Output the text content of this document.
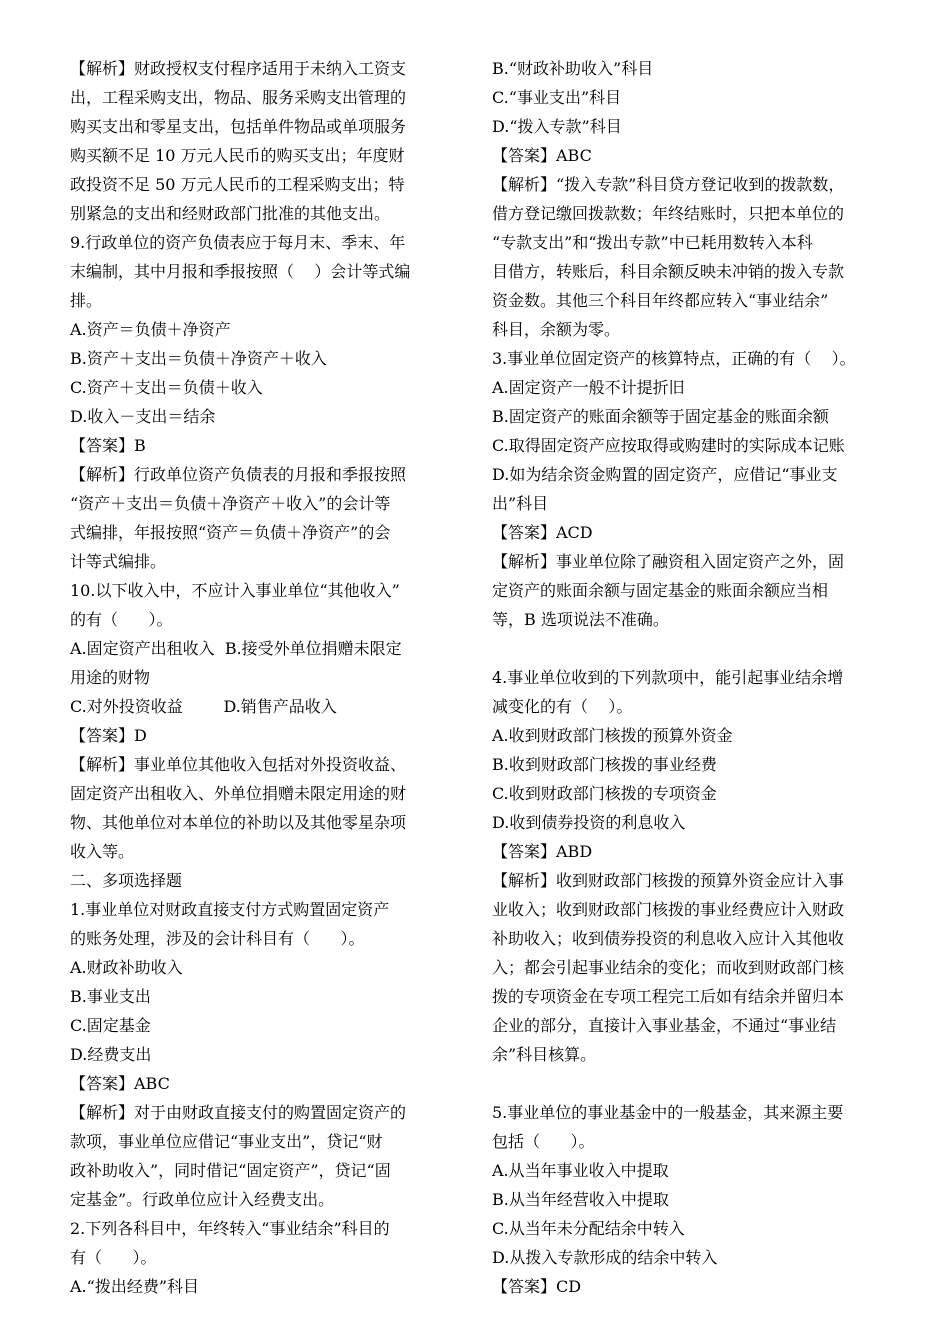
【解析】财政授权支付程序适用于未纳入工资支
出，工程采购支出，物品、服务采购支出管理的
购买支出和零星支出，包括单件物品或单项服务
购买额不足 10 万元人民币的购买支出；年度财
政投资不足 50 万元人民币的工程采购支出；特
别紧急的支出和经财政部门批准的其他支出。
9.行政单位的资产负债表应于每月末、季末、年
末编制，其中月报和季报按照（    ）会计等式编
排。
A.资产＝负债＋净资产
B.资产＋支出＝负债＋净资产＋收入
C.资产＋支出＝负债＋收入
D.收入－支出＝结余
【答案】B
【解析】行政单位资产负债表的月报和季报按照
“资产＋支出＝负债＋净资产＋收入”的会计等
式编排，年报按照“资产＝负债＋净资产”的会
计等式编排。
10.以下收入中，不应计入事业单位“其他收入”
的有（      ）。
A.固定资产出租收入  B.接受外单位捐赠未限定
用途的财物
C.对外投资收益        D.销售产品收入
【答案】D
【解析】事业单位其他收入包括对外投资收益、
固定资产出租收入、外单位捐赠未限定用途的财
物、其他单位对本单位的补助以及其他零星杂项
收入等。
二、多项选择题
1.事业单位对财政直接支付方式购置固定资产
的账务处理，涉及的会计科目有（      ）。
A.财政补助收入
B.事业支出
C.固定基金
D.经费支出
【答案】ABC
【解析】对于由财政直接支付的购置固定资产的
款项，事业单位应借记“事业支出”，贷记“财
政补助收入”，同时借记“固定资产”，贷记“固
定基金”。行政单位应计入经费支出。
2.下列各科目中，年终转入“事业结余”科目的
有（      ）。
A.“拨出经费”科目
B.“财政补助收入”科目
C.“事业支出”科目
D.“拨入专款”科目
【答案】ABC
【解析】“拨入专款”科目贷方登记收到的拨款数，
借方登记缴回拨款数；年终结账时，只把本单位的
“专款支出”和“拨出专款”中已耗用数转入本科
目借方，转账后，科目余额反映未冲销的拨入专款
资金数。其他三个科目年终都应转入“事业结余”
科目，余额为零。
3.事业单位固定资产的核算特点，正确的有（    ）。
A.固定资产一般不计提折旧
B.固定资产的账面余额等于固定基金的账面余额
C.取得固定资产应按取得或购建时的实际成本记账
D.如为结余资金购置的固定资产，应借记“事业支
出”科目
【答案】ACD
【解析】事业单位除了融资租入固定资产之外，固
定资产的账面余额与固定基金的账面余额应当相
等，B 选项说法不准确。
4.事业单位收到的下列款项中，能引起事业结余增
减变化的有（    ）。
A.收到财政部门核拨的预算外资金
B.收到财政部门核拨的事业经费
C.收到财政部门核拨的专项资金
D.收到债券投资的利息收入
【答案】ABD
【解析】收到财政部门核拨的预算外资金应计入事
业收入；收到财政部门核拨的事业经费应计入财政
补助收入；收到债券投资的利息收入应计入其他收
入；都会引起事业结余的变化；而收到财政部门核
拨的专项资金在专项工程完工后如有结余并留归本
企业的部分，直接计入事业基金，不通过“事业结
余”科目核算。
5.事业单位的事业基金中的一般基金，其来源主要
包括（      ）。
A.从当年事业收入中提取
B.从当年经营收入中提取
C.从当年未分配结余中转入
D.从拨入专款形成的结余中转入
【答案】CD
